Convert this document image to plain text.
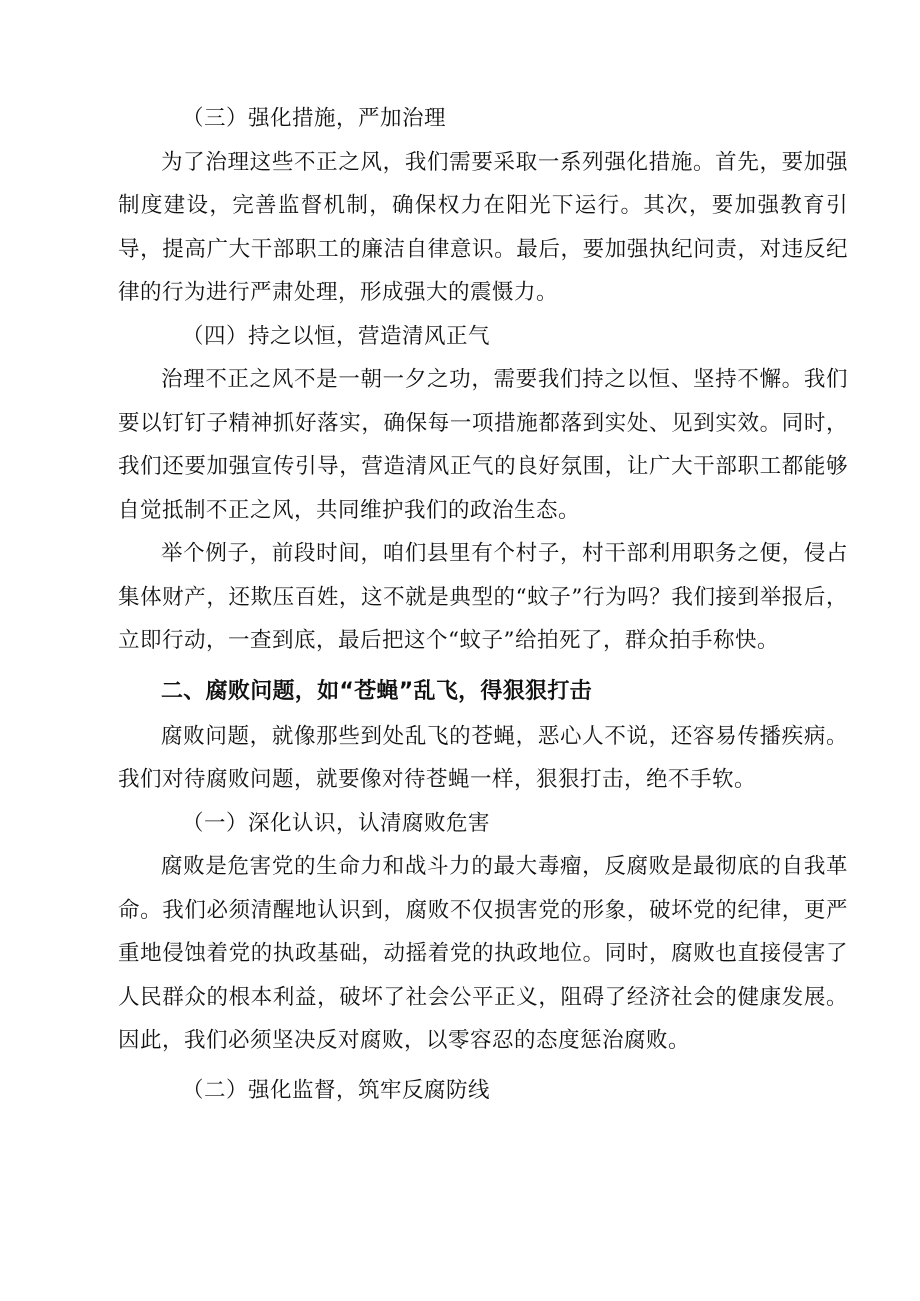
（三）强化措施，严加治理

为了治理这些不正之风，我们需要采取一系列强化措施。首先，要加强制度建设，完善监督机制，确保权力在阳光下运行。其次，要加强教育引导，提高广大干部职工的廉洁自律意识。最后，要加强执纪问责，对违反纪律的行为进行严肃处理，形成强大的震慑力。

（四）持之以恒，营造清风正气

治理不正之风不是一朝一夕之功，需要我们持之以恒、坚持不懈。我们要以钉钉子精神抓好落实，确保每一项措施都落到实处、见到实效。同时，我们还要加强宣传引导，营造清风正气的良好氛围，让广大干部职工都能够自觉抵制不正之风，共同维护我们的政治生态。

举个例子，前段时间，咱们县里有个村子，村干部利用职务之便，侵占集体财产，还欺压百姓，这不就是典型的“蚊子”行为吗？我们接到举报后，立即行动，一查到底，最后把这个“蚊子”给拍死了，群众拍手称快。

二、腐败问题，如“苍蝇”乱飞，得狠狠打击

腐败问题，就像那些到处乱飞的苍蝇，恶心人不说，还容易传播疾病。我们对待腐败问题，就要像对待苍蝇一样，狠狠打击，绝不手软。

（一）深化认识，认清腐败危害

腐败是危害党的生命力和战斗力的最大毒瘤，反腐败是最彻底的自我革命。我们必须清醒地认识到，腐败不仅损害党的形象，破坏党的纪律，更严重地侵蚀着党的执政基础，动摇着党的执政地位。同时，腐败也直接侵害了人民群众的根本利益，破坏了社会公平正义，阻碍了经济社会的健康发展。因此，我们必须坚决反对腐败，以零容忍的态度惩治腐败。

（二）强化监督，筑牢反腐防线
